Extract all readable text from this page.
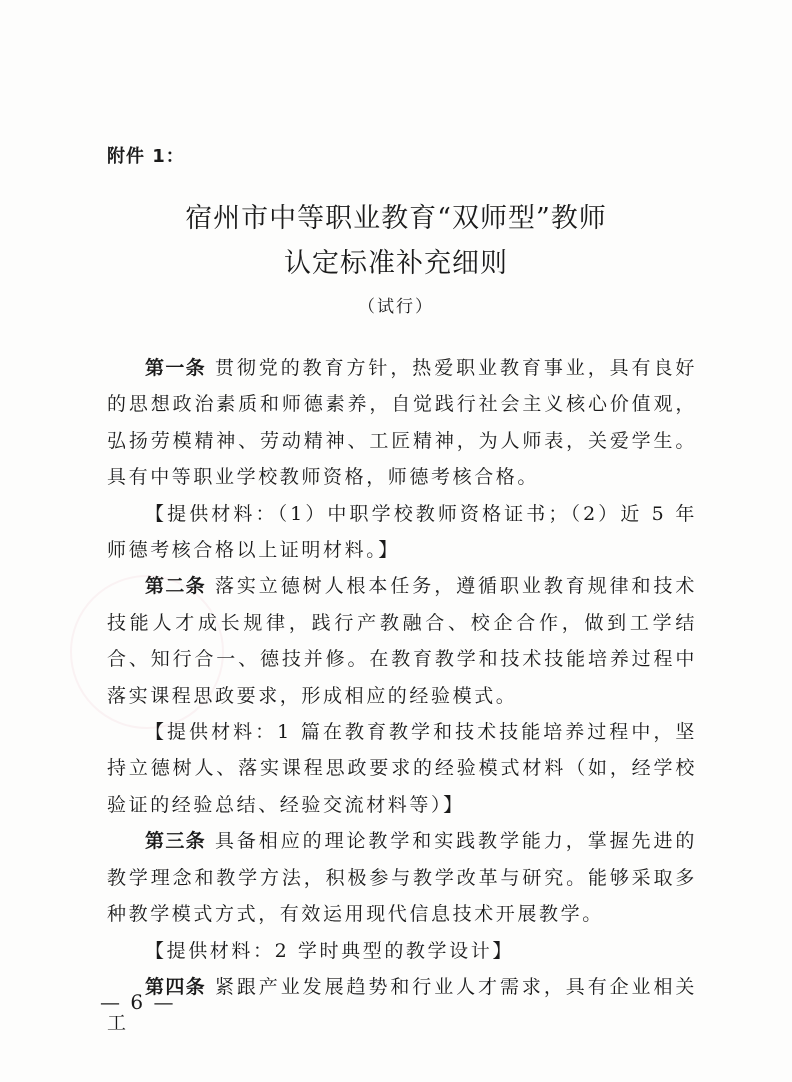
附件 1：
宿州市中等职业教育“双师型”教师
认定标准补充细则
（试行）

第一条 贯彻党的教育方针，热爱职业教育事业，具有良好的思想政治素质和师德素养，自觉践行社会主义核心价值观，弘扬劳模精神、劳动精神、工匠精神，为人师表，关爱学生。具有中等职业学校教师资格，师德考核合格。

【提供材料：（1）中职学校教师资格证书；（2）近 5 年师德考核合格以上证明材料。】

第二条 落实立德树人根本任务，遵循职业教育规律和技术技能人才成长规律，践行产教融合、校企合作，做到工学结合、知行合一、德技并修。在教育教学和技术技能培养过程中落实课程思政要求，形成相应的经验模式。

【提供材料：1 篇在教育教学和技术技能培养过程中，坚持立德树人、落实课程思政要求的经验模式材料（如，经学校验证的经验总结、经验交流材料等）】

第三条 具备相应的理论教学和实践教学能力，掌握先进的教学理念和教学方法，积极参与教学改革与研究。能够采取多种教学模式方式，有效运用现代信息技术开展教学。

【提供材料：2 学时典型的教学设计】

第四条 紧跟产业发展趋势和行业人才需求，具有企业相关工

— 6 —
